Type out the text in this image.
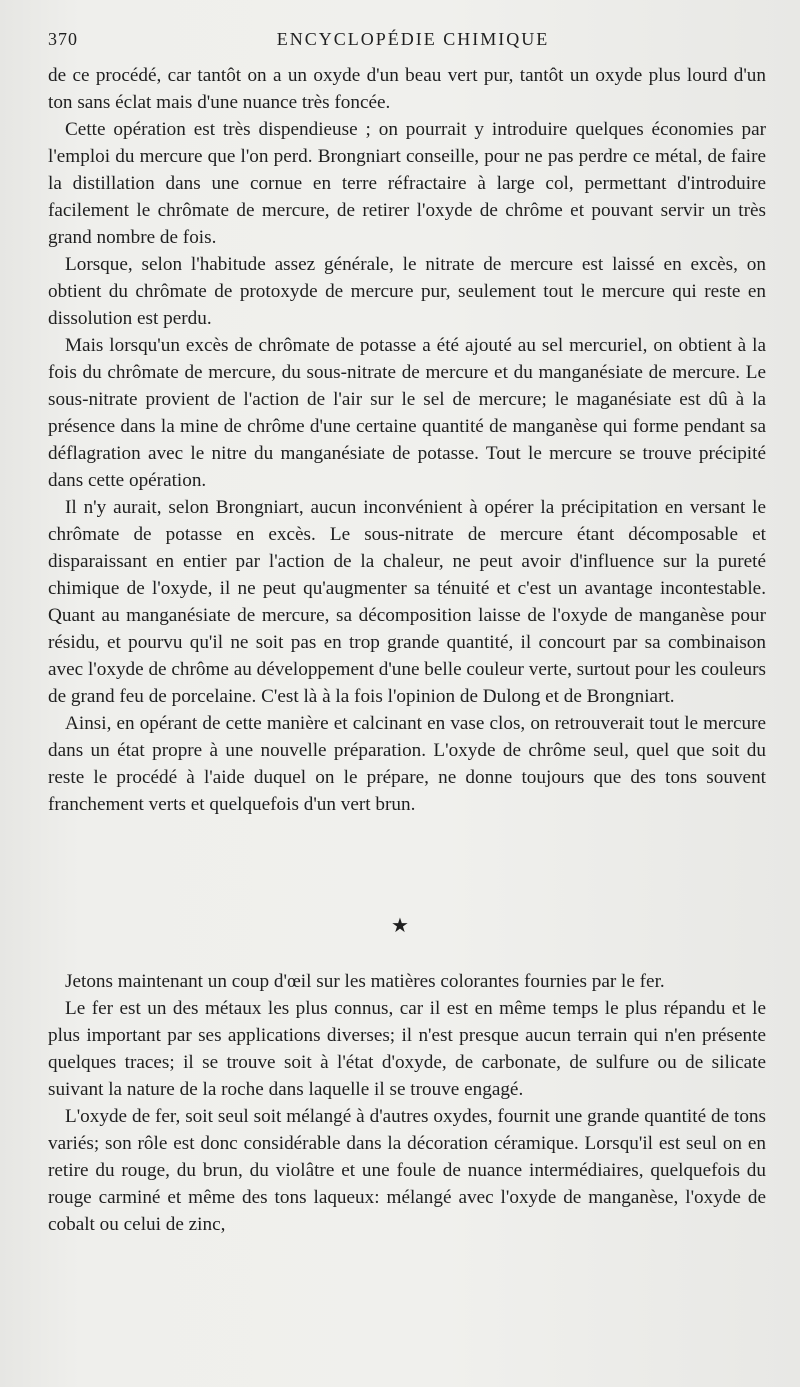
370	ENCYCLOPÉDIE CHIMIQUE

de ce procédé, car tantôt on a un oxyde d'un beau vert pur, tantôt un oxyde plus lourd d'un ton sans éclat mais d'une nuance très foncée.

Cette opération est très dispendieuse ; on pourrait y introduire quelques économies par l'emploi du mercure que l'on perd. Brongniart conseille, pour ne pas perdre ce métal, de faire la distillation dans une cornue en terre réfractaire à large col, permettant d'introduire facilement le chrômate de mercure, de retirer l'oxyde de chrôme et pouvant servir un très grand nombre de fois.

Lorsque, selon l'habitude assez générale, le nitrate de mercure est laissé en excès, on obtient du chrômate de protoxyde de mercure pur, seulement tout le mercure qui reste en dissolution est perdu.

Mais lorsqu'un excès de chrômate de potasse a été ajouté au sel mercuriel, on obtient à la fois du chrômate de mercure, du sous-nitrate de mercure et du manganésiate de mercure. Le sous-nitrate provient de l'action de l'air sur le sel de mercure; le maganésiate est dû à la présence dans la mine de chrôme d'une certaine quantité de manganèse qui forme pendant sa déflagration avec le nitre du manganésiate de potasse. Tout le mercure se trouve précipité dans cette opération.

Il n'y aurait, selon Brongniart, aucun inconvénient à opérer la précipitation en versant le chrômate de potasse en excès. Le sous-nitrate de mercure étant décomposable et disparaissant en entier par l'action de la chaleur, ne peut avoir d'influence sur la pureté chimique de l'oxyde, il ne peut qu'augmenter sa ténuité et c'est un avantage incontestable. Quant au manganésiate de mercure, sa décomposition laisse de l'oxyde de manganèse pour résidu, et pourvu qu'il ne soit pas en trop grande quantité, il concourt par sa combinaison avec l'oxyde de chrôme au développement d'une belle couleur verte, surtout pour les couleurs de grand feu de porcelaine. C'est là à la fois l'opinion de Dulong et de Brongniart.

Ainsi, en opérant de cette manière et calcinant en vase clos, on retrouverait tout le mercure dans un état propre à une nouvelle préparation. L'oxyde de chrôme seul, quel que soit du reste le procédé à l'aide duquel on le prépare, ne donne toujours que des tons souvent franchement verts et quelquefois d'un vert brun.

★

Jetons maintenant un coup d'œil sur les matières colorantes fournies par le fer.

Le fer est un des métaux les plus connus, car il est en même temps le plus répandu et le plus important par ses applications diverses; il n'est presque aucun terrain qui n'en présente quelques traces; il se trouve soit à l'état d'oxyde, de carbonate, de sulfure ou de silicate suivant la nature de la roche dans laquelle il se trouve engagé.

L'oxyde de fer, soit seul soit mélangé à d'autres oxydes, fournit une grande quantité de tons variés; son rôle est donc considérable dans la décoration céramique. Lorsqu'il est seul on en retire du rouge, du brun, du violâtre et une foule de nuance intermédiaires, quelquefois du rouge carminé et même des tons laqueux: mélangé avec l'oxyde de manganèse, l'oxyde de cobalt ou celui de zinc,
